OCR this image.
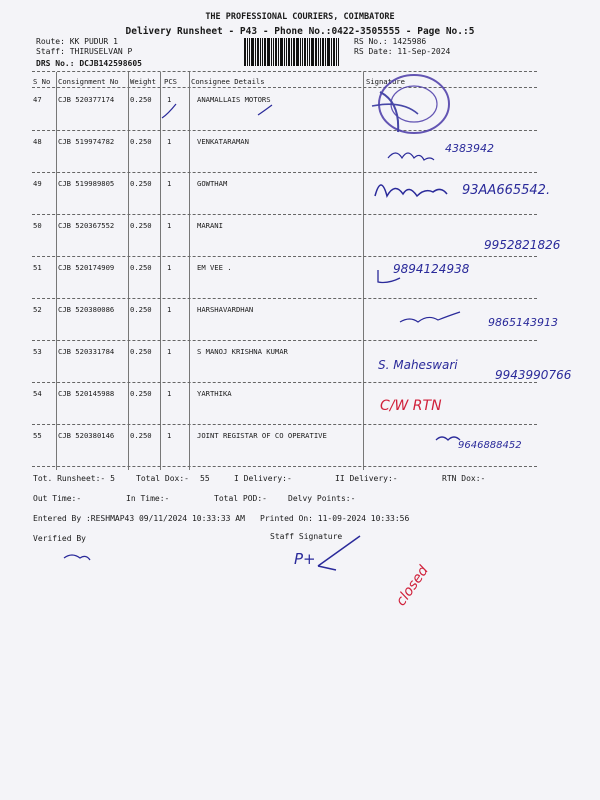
THE PROFESSIONAL COURIERS, COIMBATORE
Delivery Runsheet - P43 - Phone No.:0422-3505555 - Page No.:5
Route: KK PUDUR 1
Staff: THIRUSELVAN P
DRS No.: DCJB142598605
RS No.: 1425986
RS Date: 11-Sep-2024
S No Consignment No Weight PCS Consignee Details	Signature
47 CJB 520377174 0.250 1	ANAMALLAIS MOTORS
48 CJB 519974782 0.250 1	VENKATARAMAN
49 CJB 519989805 0.250 1	GOWTHAM
50 CJB 520367552 0.250 1	MARANI
51 CJB 520174909 0.250 1	EM VEE .
52 CJB 520380086 0.250 1	HARSHAVARDHAN
53 CJB 520331784 0.250 1	S MANOJ KRISHNA KUMAR
54 CJB 520145988 0.250 1	YARTHIKA
55 CJB 520380146 0.250 1	JOINT REGISTAR OF CO OPERATIVE
Tot. Runsheet:- 5	Total Dox:- 55	I Delivery:-	II Delivery:-	RTN Dox:-
Out Time:-	In Time:-	Total POD:-	Delvy Points:-
Entered By :RESHMAP43 09/11/2024 10:33:33 AM Printed On: 11-09-2024 10:33:56
Verified By	Staff Signature
4383942
93AA665542.
9952821826
9894124938
9865143913
S. Maheswari
9943990766
C/W RTN
9646888452
closed
P+
